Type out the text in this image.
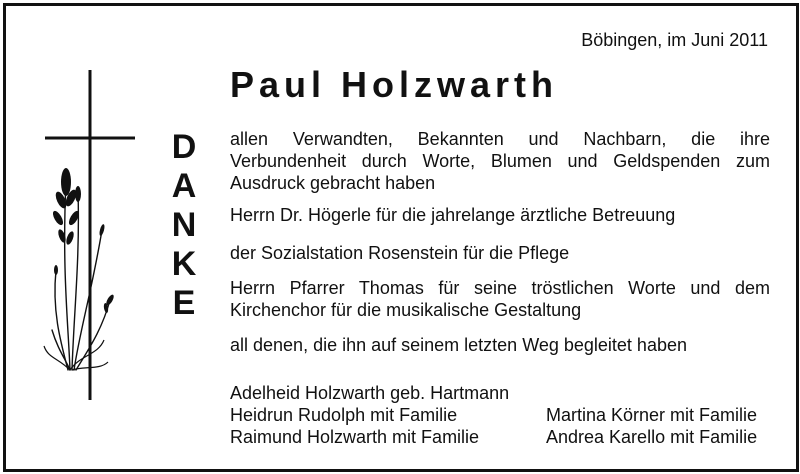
Böbingen, im Juni 2011
Paul Holzwarth
D
A
N
K
E

allen Verwandten, Bekannten und Nachbarn, die ihre Verbundenheit durch Worte, Blumen und Geldspenden zum Ausdruck gebracht haben

Herrn Dr. Högerle für die jahrelange ärztliche Betreuung

der Sozialstation Rosenstein für die Pflege

Herrn Pfarrer Thomas für seine tröstlichen Worte und dem Kirchenchor für die musikalische Gestaltung

all denen, die ihn auf seinem letzten Weg begleitet haben

Adelheid Holzwarth geb. Hartmann
Heidrun Rudolph mit Familie
Raimund Holzwarth mit Familie
Martina Körner mit Familie
Andrea Karello mit Familie
